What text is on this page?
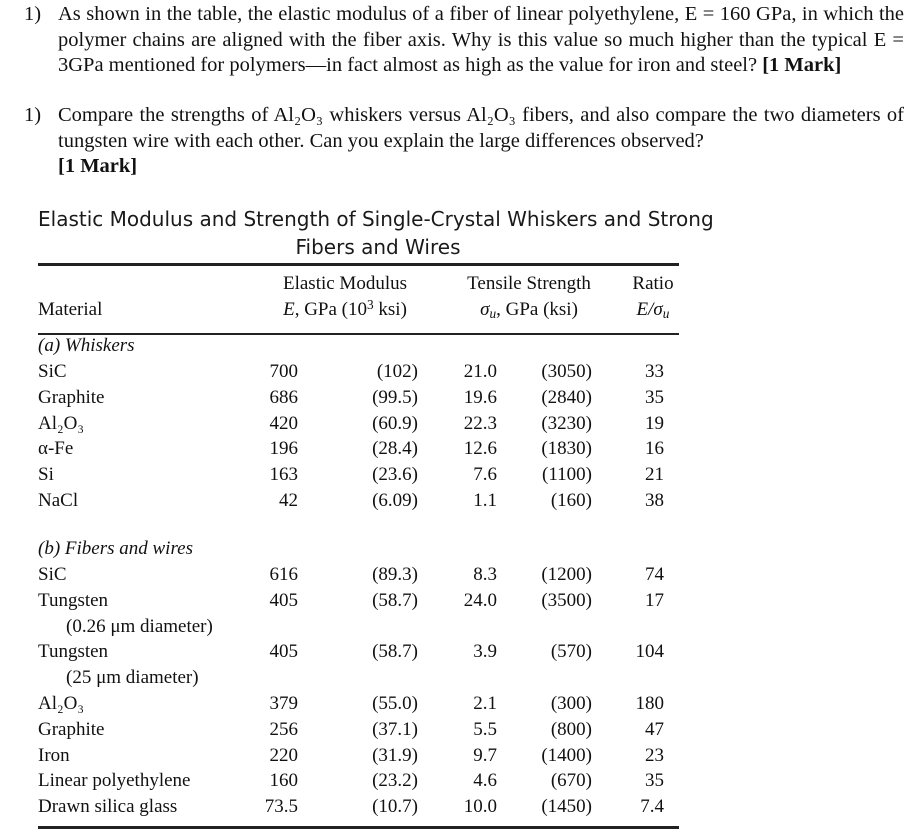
1) As shown in the table, the elastic modulus of a fiber of linear polyethylene, E = 160 GPa, in which the polymer chains are aligned with the fiber axis. Why is this value so much higher than the typical E = 3GPa mentioned for polymers—in fact almost as high as the value for iron and steel? [1 Mark]
1) Compare the strengths of Al₂O₃ whiskers versus Al₂O₃ fibers, and also compare the two diameters of tungsten wire with each other. Can you explain the large differences observed?
[1 Mark]
Elastic Modulus and Strength of Single-Crystal Whiskers and Strong
Fibers and Wires
Material
Elastic Modulus
E, GPa ($10^3$ ksi)
Tensile Strength
$\sigma_u$, GPa (ksi)
Ratio
$E/\sigma_u$
(a) Whiskers
SiC	700	(102)	21.0	(3050)	33
Graphite	686	(99.5)	19.6	(2840)	35
Al₂O₃	420	(60.9)	22.3	(3230)	19
α-Fe	196	(28.4)	12.6	(1830)	16
Si	163	(23.6)	7.6	(1100)	21
NaCl	42	(6.09)	1.1	(160)	38
(b) Fibers and wires
SiC	616	(89.3)	8.3	(1200)	74
Tungsten	405	(58.7)	24.0	(3500)	17
(0.26 μm diameter)
Tungsten	405	(58.7)	3.9	(570)	104
(25 μm diameter)
Al₂O₃	379	(55.0)	2.1	(300)	180
Graphite	256	(37.1)	5.5	(800)	47
Iron	220	(31.9)	9.7	(1400)	23
Linear polyethylene	160	(23.2)	4.6	(670)	35
Drawn silica glass	73.5	(10.7)	10.0	(1450)	7.4
